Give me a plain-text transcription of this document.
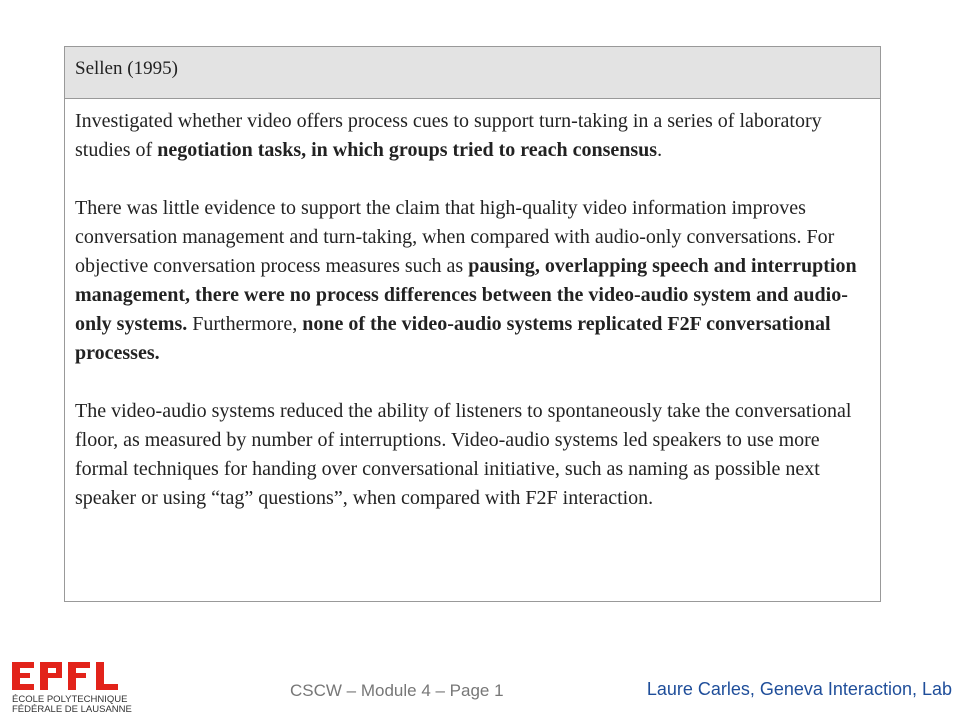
Sellen (1995)

Investigated whether video offers process cues to support turn-taking in a series of laboratory studies of negotiation tasks, in which groups tried to reach consensus.

There was little evidence to support the claim that high-quality video information improves conversation management and turn-taking, when compared with audio-only conversations. For objective conversation process measures such as pausing, overlapping speech and interruption management, there were no process differences between the video-audio system and audio-only systems. Furthermore, none of the video-audio systems replicated F2F conversational processes.

The video-audio systems reduced the ability of listeners to spontaneously take the conversational floor, as measured by number of interruptions. Video-audio systems led speakers to use more formal techniques for handing over conversational initiative, such as naming as possible next speaker or using “tag” questions”, when compared with F2F interaction.

ÉCOLE POLYTECHNIQUE
FÉDÉRALE DE LAUSANNE
CSCW – Module 4 – Page 1	Laure Carles, Geneva Interaction, Lab
